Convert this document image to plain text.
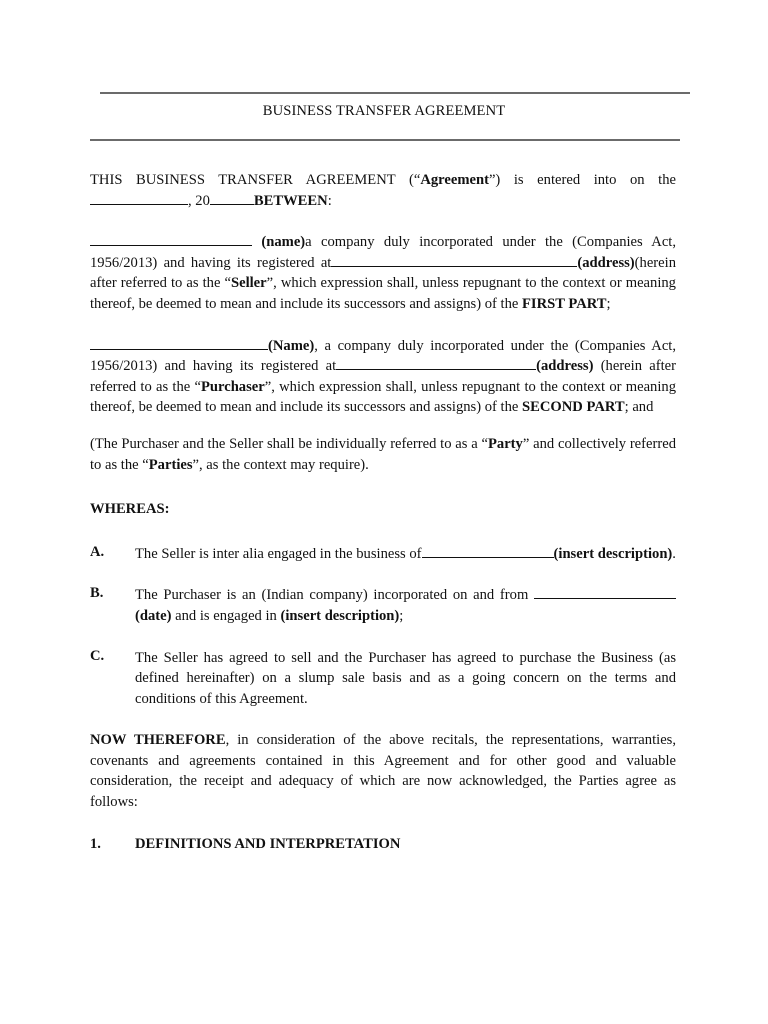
BUSINESS TRANSFER AGREEMENT

THIS BUSINESS TRANSFER AGREEMENT (“Agreement”) is entered into on the , 20	BETWEEN:

(name)a company duly incorporated under the (Companies Act, 1956/2013) and having its registered at	(address)(herein after referred to as the “Seller”, which expression shall, unless repugnant to the context or meaning thereof, be deemed to mean and include its successors and assigns) of the FIRST PART;

(Name), a company duly incorporated under the (Companies Act, 1956/2013) and having its registered at	(address) (herein after referred to as the “Purchaser”, which expression shall, unless repugnant to the context or meaning thereof, be deemed to mean and include its successors and assigns) of the SECOND PART; and

(The Purchaser and the Seller shall be individually referred to as a “Party” and collectively referred to as the “Parties”, as the context may require).

WHEREAS:

A. The Seller is inter alia engaged in the business of	(insert description).

B. The Purchaser is an (Indian company) incorporated on and from (date) and is engaged in (insert description);

C. The Seller has agreed to sell and the Purchaser has agreed to purchase the Business (as defined hereinafter) on a slump sale basis and as a going concern on the terms and conditions of this Agreement.

NOW THEREFORE, in consideration of the above recitals, the representations, warranties, covenants and agreements contained in this Agreement and for other good and valuable consideration, the receipt and adequacy of which are now acknowledged, the Parties agree as follows:

1. DEFINITIONS AND INTERPRETATION
